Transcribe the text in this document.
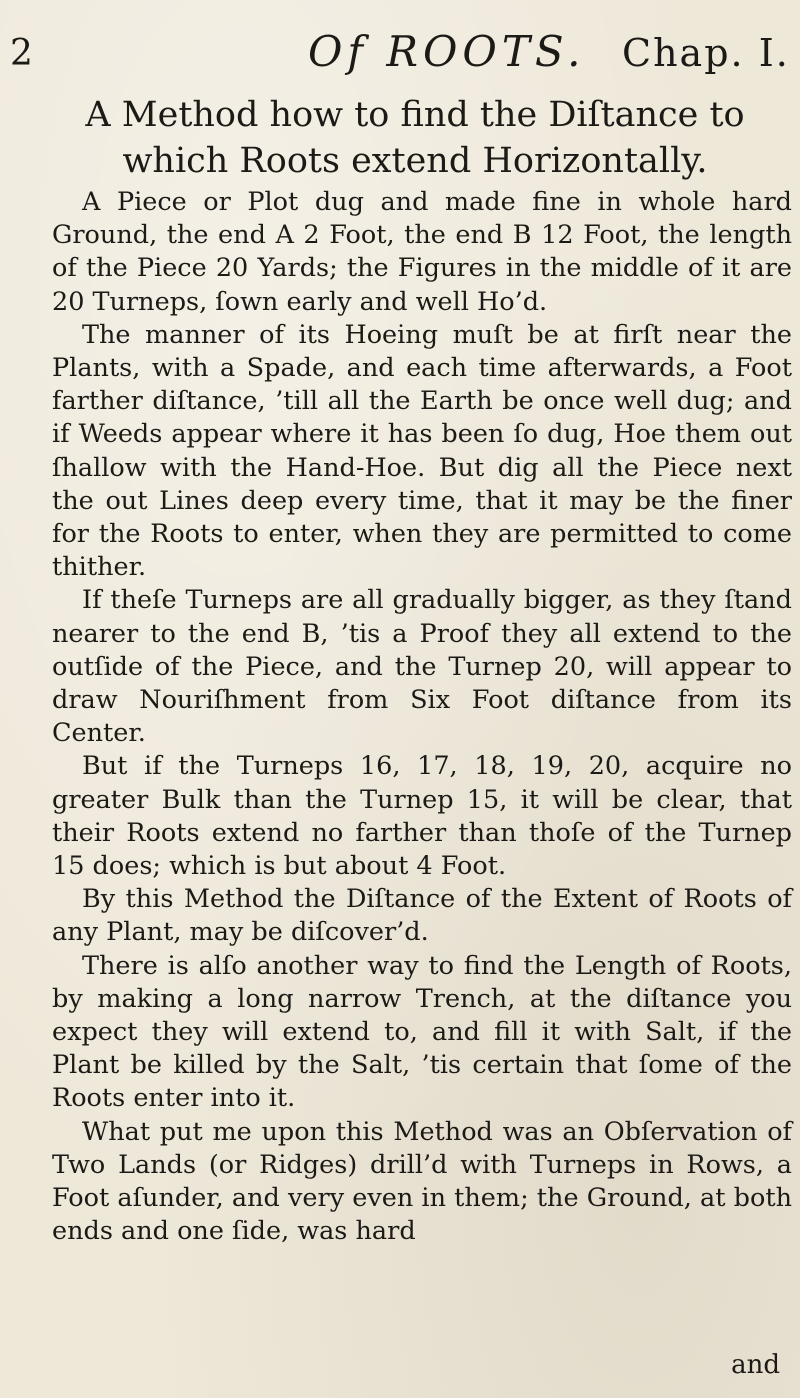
2	Of ROOTS. Chap. I.
A Method how to find the Diſtance to
which Roots extend Horizontally.

A Piece or Plot dug and made fine in whole hard Ground, the end A 2 Foot, the end B 12 Foot, the length of the Piece 20 Yards; the Figures in the middle of it are 20 Turneps, ſown early and well Ho’d.

The manner of its Hoeing muſt be at firſt near the Plants, with a Spade, and each time afterwards, a Foot farther diſtance, ’till all the Earth be once well dug; and if Weeds appear where it has been ſo dug, Hoe them out ſhallow with the Hand-Hoe. But dig all the Piece next the out Lines deep every time, that it may be the finer for the Roots to enter, when they are permitted to come thither.

If theſe Turneps are all gradually bigger, as they ſtand nearer to the end B, ’tis a Proof they all extend to the outſide of the Piece, and the Turnep 20, will appear to draw Nouriſhment from Six Foot diſtance from its Center.

But if the Turneps 16, 17, 18, 19, 20, acquire no greater Bulk than the Turnep 15, it will be clear, that their Roots extend no farther than thoſe of the Turnep 15 does; which is but about 4 Foot.

By this Method the Diſtance of the Extent of Roots of any Plant, may be diſcover’d.

There is alſo another way to find the Length of Roots, by making a long narrow Trench, at the diſtance you expect they will extend to, and fill it with Salt, if the Plant be killed by the Salt, ’tis certain that ſome of the Roots enter into it.

What put me upon this Method was an Obſervation of Two Lands (or Ridges) drill’d with Turneps in Rows, a Foot aſunder, and very even in them; the Ground, at both ends and one ſide, was hard

and
